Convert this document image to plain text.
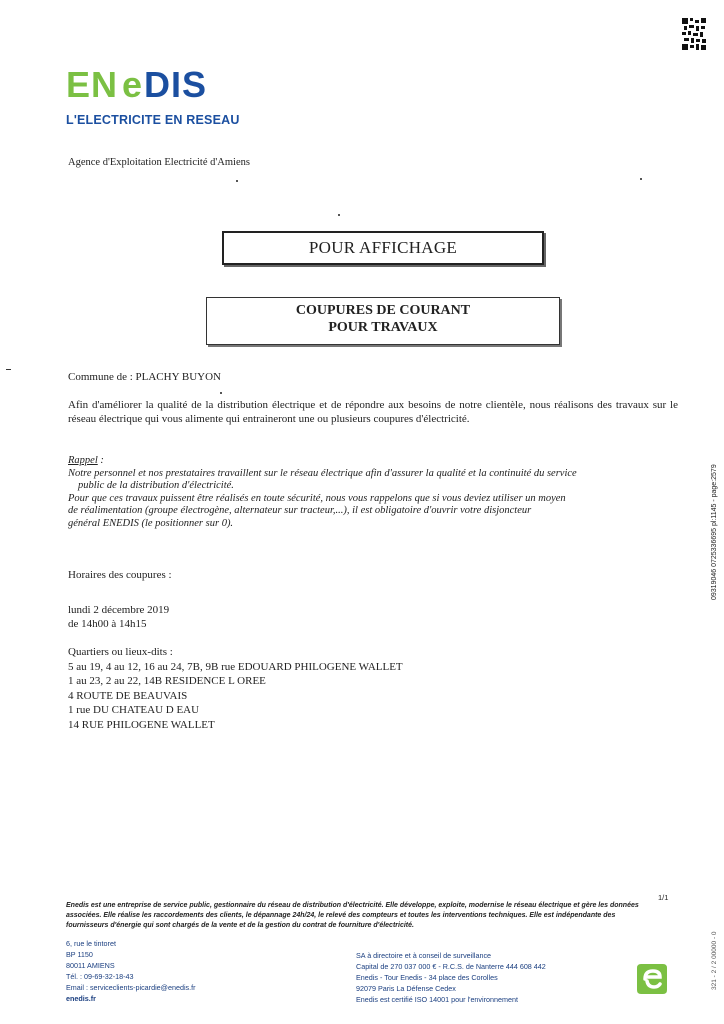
EN e DIS
L'ELECTRICITE EN RESEAU
Agence d'Exploitation Electricité d'Amiens
POUR AFFICHAGE
COUPURES DE COURANT
POUR TRAVAUX
Commune de : PLACHY BUYON
Afin d'améliorer la qualité de la distribution électrique et de répondre aux besoins de notre clientèle, nous réalisons des travaux sur le réseau électrique qui vous alimente qui entraineront une ou plusieurs coupures d'électricité.
Rappel :
Notre personnel et nos prestataires travaillent sur le réseau électrique afin d'assurer la qualité et la continuité du service
public de la distribution d'électricité.
Pour que ces travaux puissent être réalisés en toute sécurité, nous vous rappelons que si vous deviez utiliser un moyen
de réalimentation (groupe électrogène, alternateur sur tracteur,...), il est obligatoire d'ouvrir votre disjoncteur
général ENEDIS (le positionner sur 0).
Horaires des coupures :
lundi 2 décembre 2019
de 14h00 à 14h15
Quartiers ou lieux-dits :
5 au 19, 4 au 12, 16 au 24, 7B, 9B rue EDOUARD PHILOGENE WALLET
1 au 23, 2 au 22, 14B RESIDENCE L OREE
4 ROUTE DE BEAUVAIS
1 rue DU CHATEAU D EAU
14 RUE PHILOGENE WALLET
09319046 0725336695 pl:1145 - page:2579
1/1
Enedis est une entreprise de service public, gestionnaire du réseau de distribution d'électricité. Elle développe, exploite, modernise le réseau électrique et gère les données
associées. Elle réalise les raccordements des clients, le dépannage 24h/24, le relevé des compteurs et toutes les interventions techniques. Elle est indépendante des
fournisseurs d'énergie qui sont chargés de la vente et de la gestion du contrat de fourniture d'électricité.
6, rue le tintoret
BP 1150
80011 AMIENS
Tél. : 09-69-32-18-43
Email : serviceclients-picardie@enedis.fr
enedis.fr
SA à directoire et à conseil de surveillance
Capital de 270 037 000 € - R.C.S. de Nanterre 444 608 442
Enedis - Tour Enedis - 34 place des Corolles
92079 Paris La Défense Cedex
Enedis est certifié ISO 14001 pour l'environnement
321 - 2 / 2 00000 - 0
